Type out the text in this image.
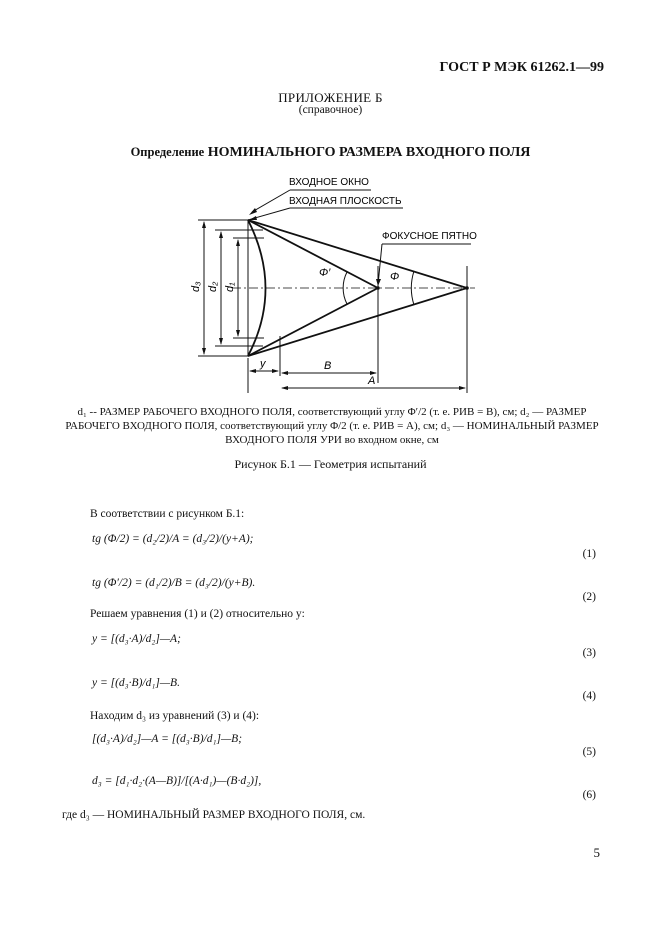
ГОСТ Р МЭК 61262.1—99
ПРИЛОЖЕНИЕ Б
(справочное)
Определение НОМИНАЛЬНОГО РАЗМЕРА ВХОДНОГО ПОЛЯ
ВХОДНОЕ ОКНО
ВХОДНАЯ ПЛОСКОСТЬ
ФОКУСНОЕ ПЯТНО
d₃ d₂ d₁
Φ′	Φ
y	B
A
d₁ -- РАЗМЕР РАБОЧЕГО ВХОДНОГО ПОЛЯ, соответствующий углу Φ′/2 (т. е. РИВ = B), см; d₂ — РАЗМЕР РАБОЧЕГО ВХОДНОГО ПОЛЯ, соответствующий углу Φ/2 (т. е. РИВ = A), см; d₃ — НОМИНАЛЬНЫЙ РАЗМЕР ВХОДНОГО ПОЛЯ УРИ во входном окне, см
Рисунок Б.1 — Геометрия испытаний
В соответствии с рисунком Б.1:
tg (Φ/2) = (d₂/2)/A = (d₃/2)/(y+A);
(1)
tg (Φ′/2) = (d₁/2)/B = (d₃/2)/(y+B).
(2)
Решаем уравнения (1) и (2) относительно y:
y = [(d₃·A)/d₂]—A;
(3)
y = [(d₃·B)/d₁]—B.
(4)
Находим d₃ из уравнений (3) и (4):
[(d₃·A)/d₂]—A = [(d₃·B)/d₁]—B;
(5)
d₃ = [d₁·d₂·(A—B)]/[(A·d₁)—(B·d₂)],
(6)
где d₃ — НОМИНАЛЬНЫЙ РАЗМЕР ВХОДНОГО ПОЛЯ, см.
5
